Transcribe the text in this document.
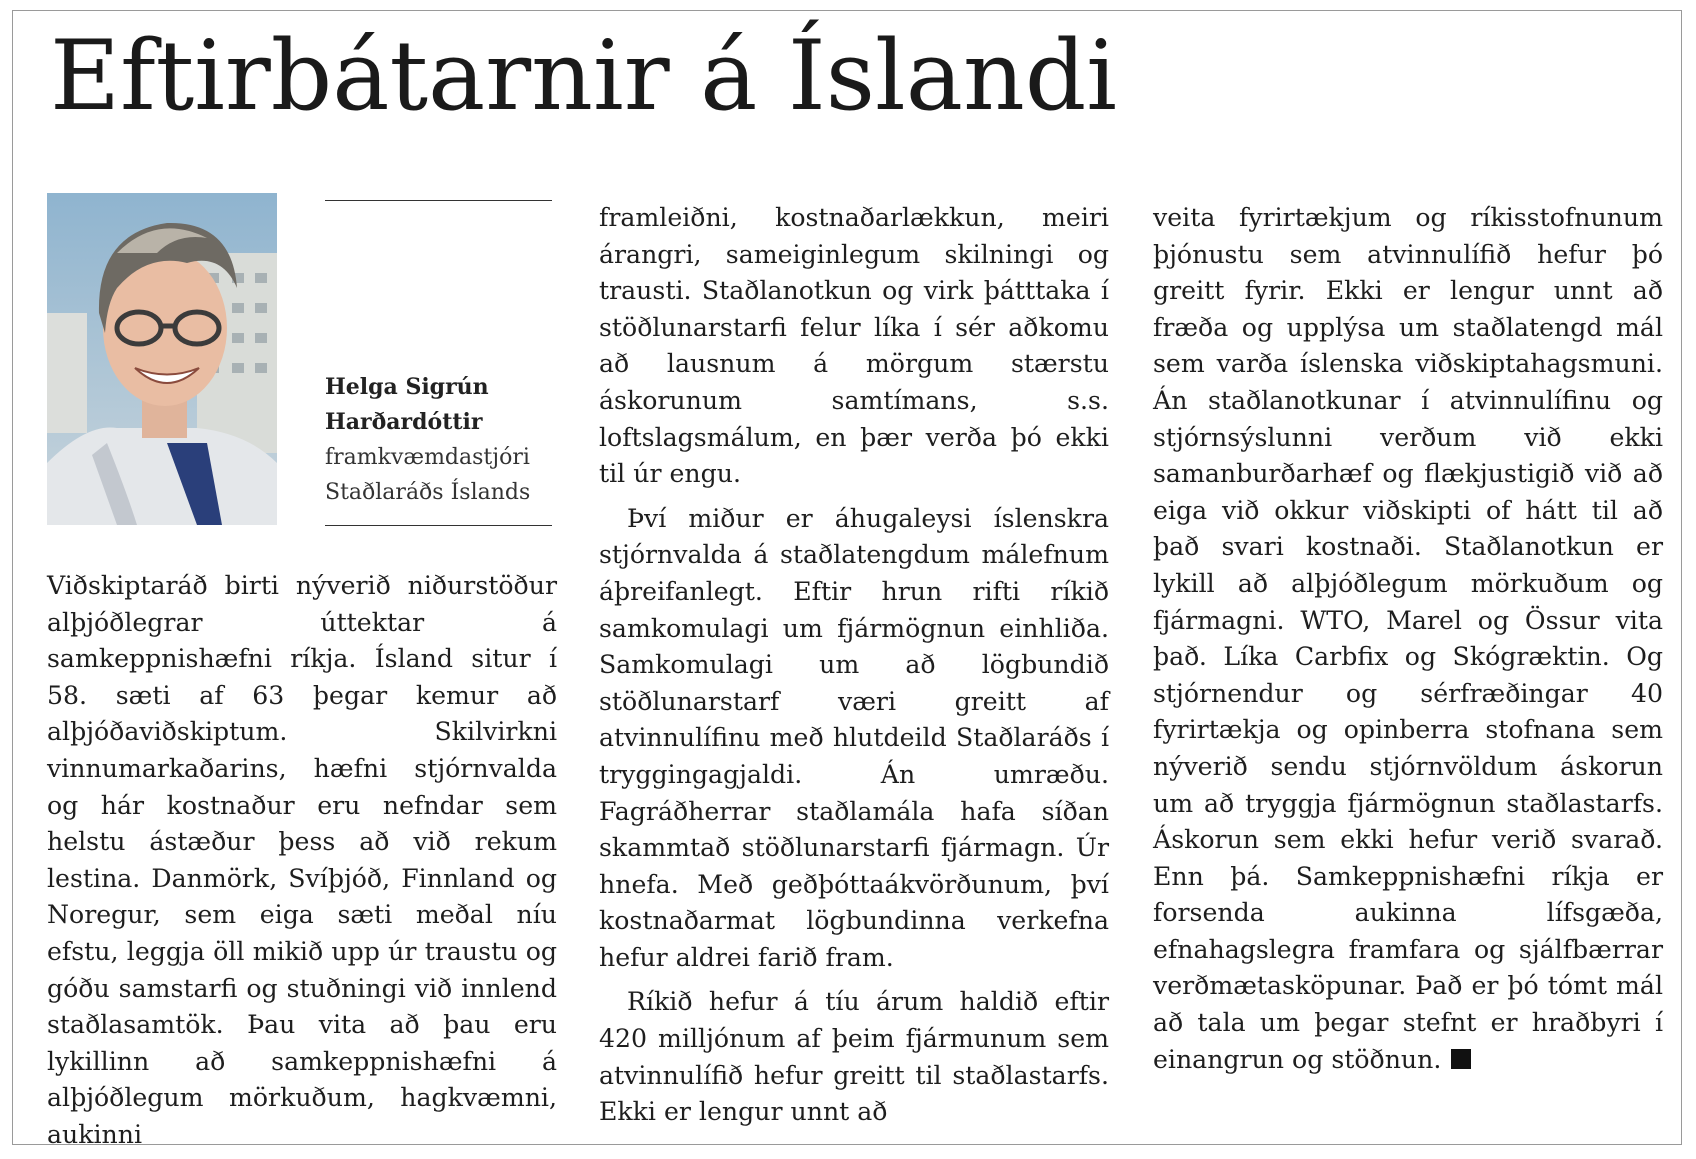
Eftirbátarnir á Íslandi
Helga Sigrún
Harðardóttir
framkvæmdastjóri
Staðlaráðs Íslands

Viðskiptaráð birti nýverið niðurstöður alþjóðlegrar úttektar á samkeppnishæfni ríkja. Ísland situr í 58. sæti af 63 þegar kemur að alþjóðaviðskiptum. Skilvirkni vinnumarkaðarins, hæfni stjórnvalda og hár kostnaður eru nefndar sem helstu ástæður þess að við rekum lestina. Danmörk, Svíþjóð, Finnland og Noregur, sem eiga sæti meðal níu efstu, leggja öll mikið upp úr traustu og góðu samstarfi og stuðningi við innlend staðlasamtök. Þau vita að þau eru lykillinn að samkeppnishæfni á alþjóðlegum mörkuðum, hagkvæmni, aukinni

framleiðni, kostnaðarlækkun, meiri árangri, sameiginlegum skilningi og trausti. Staðlanotkun og virk þátttaka í stöðlunarstarfi felur líka í sér aðkomu að lausnum á mörgum stærstu áskorunum samtímans, s.s. loftslagsmálum, en þær verða þó ekki til úr engu.

Því miður er áhugaleysi íslenskra stjórnvalda á staðlatengdum málefnum áþreifanlegt. Eftir hrun rifti ríkið samkomulagi um fjármögnun einhliða. Samkomulagi um að lögbundið stöðlunarstarf væri greitt af atvinnulífinu með hlutdeild Staðlaráðs í tryggingagjaldi. Án umræðu. Fagráðherrar staðlamála hafa síðan skammtað stöðlunarstarfi fjármagn. Úr hnefa. Með geðþóttaákvörðunum, því kostnaðarmat lögbundinna verkefna hefur aldrei farið fram.

Ríkið hefur á tíu árum haldið eftir 420 milljónum af þeim fjármunum sem atvinnulífið hefur greitt til staðlastarfs. Ekki er lengur unnt að

veita fyrirtækjum og ríkisstofnunum þjónustu sem atvinnulífið hefur þó greitt fyrir. Ekki er lengur unnt að fræða og upplýsa um staðlatengd mál sem varða íslenska viðskiptahagsmuni. Án staðlanotkunar í atvinnulífinu og stjórnsýslunni verðum við ekki samanburðarhæf og flækjustigið við að eiga við okkur viðskipti of hátt til að það svari kostnaði. Staðlanotkun er lykill að alþjóðlegum mörkuðum og fjármagni. WTO, Marel og Össur vita það. Líka Carbfix og Skógræktin. Og stjórnendur og sérfræðingar 40 fyrirtækja og opinberra stofnana sem nýverið sendu stjórnvöldum áskorun um að tryggja fjármögnun staðlastarfs. Áskorun sem ekki hefur verið svarað. Enn þá. Samkeppnishæfni ríkja er forsenda aukinna lífsgæða, efnahagslegra framfara og sjálfbærrar verðmætasköpunar. Það er þó tómt mál að tala um þegar stefnt er hraðbyri í einangrun og stöðnun.
